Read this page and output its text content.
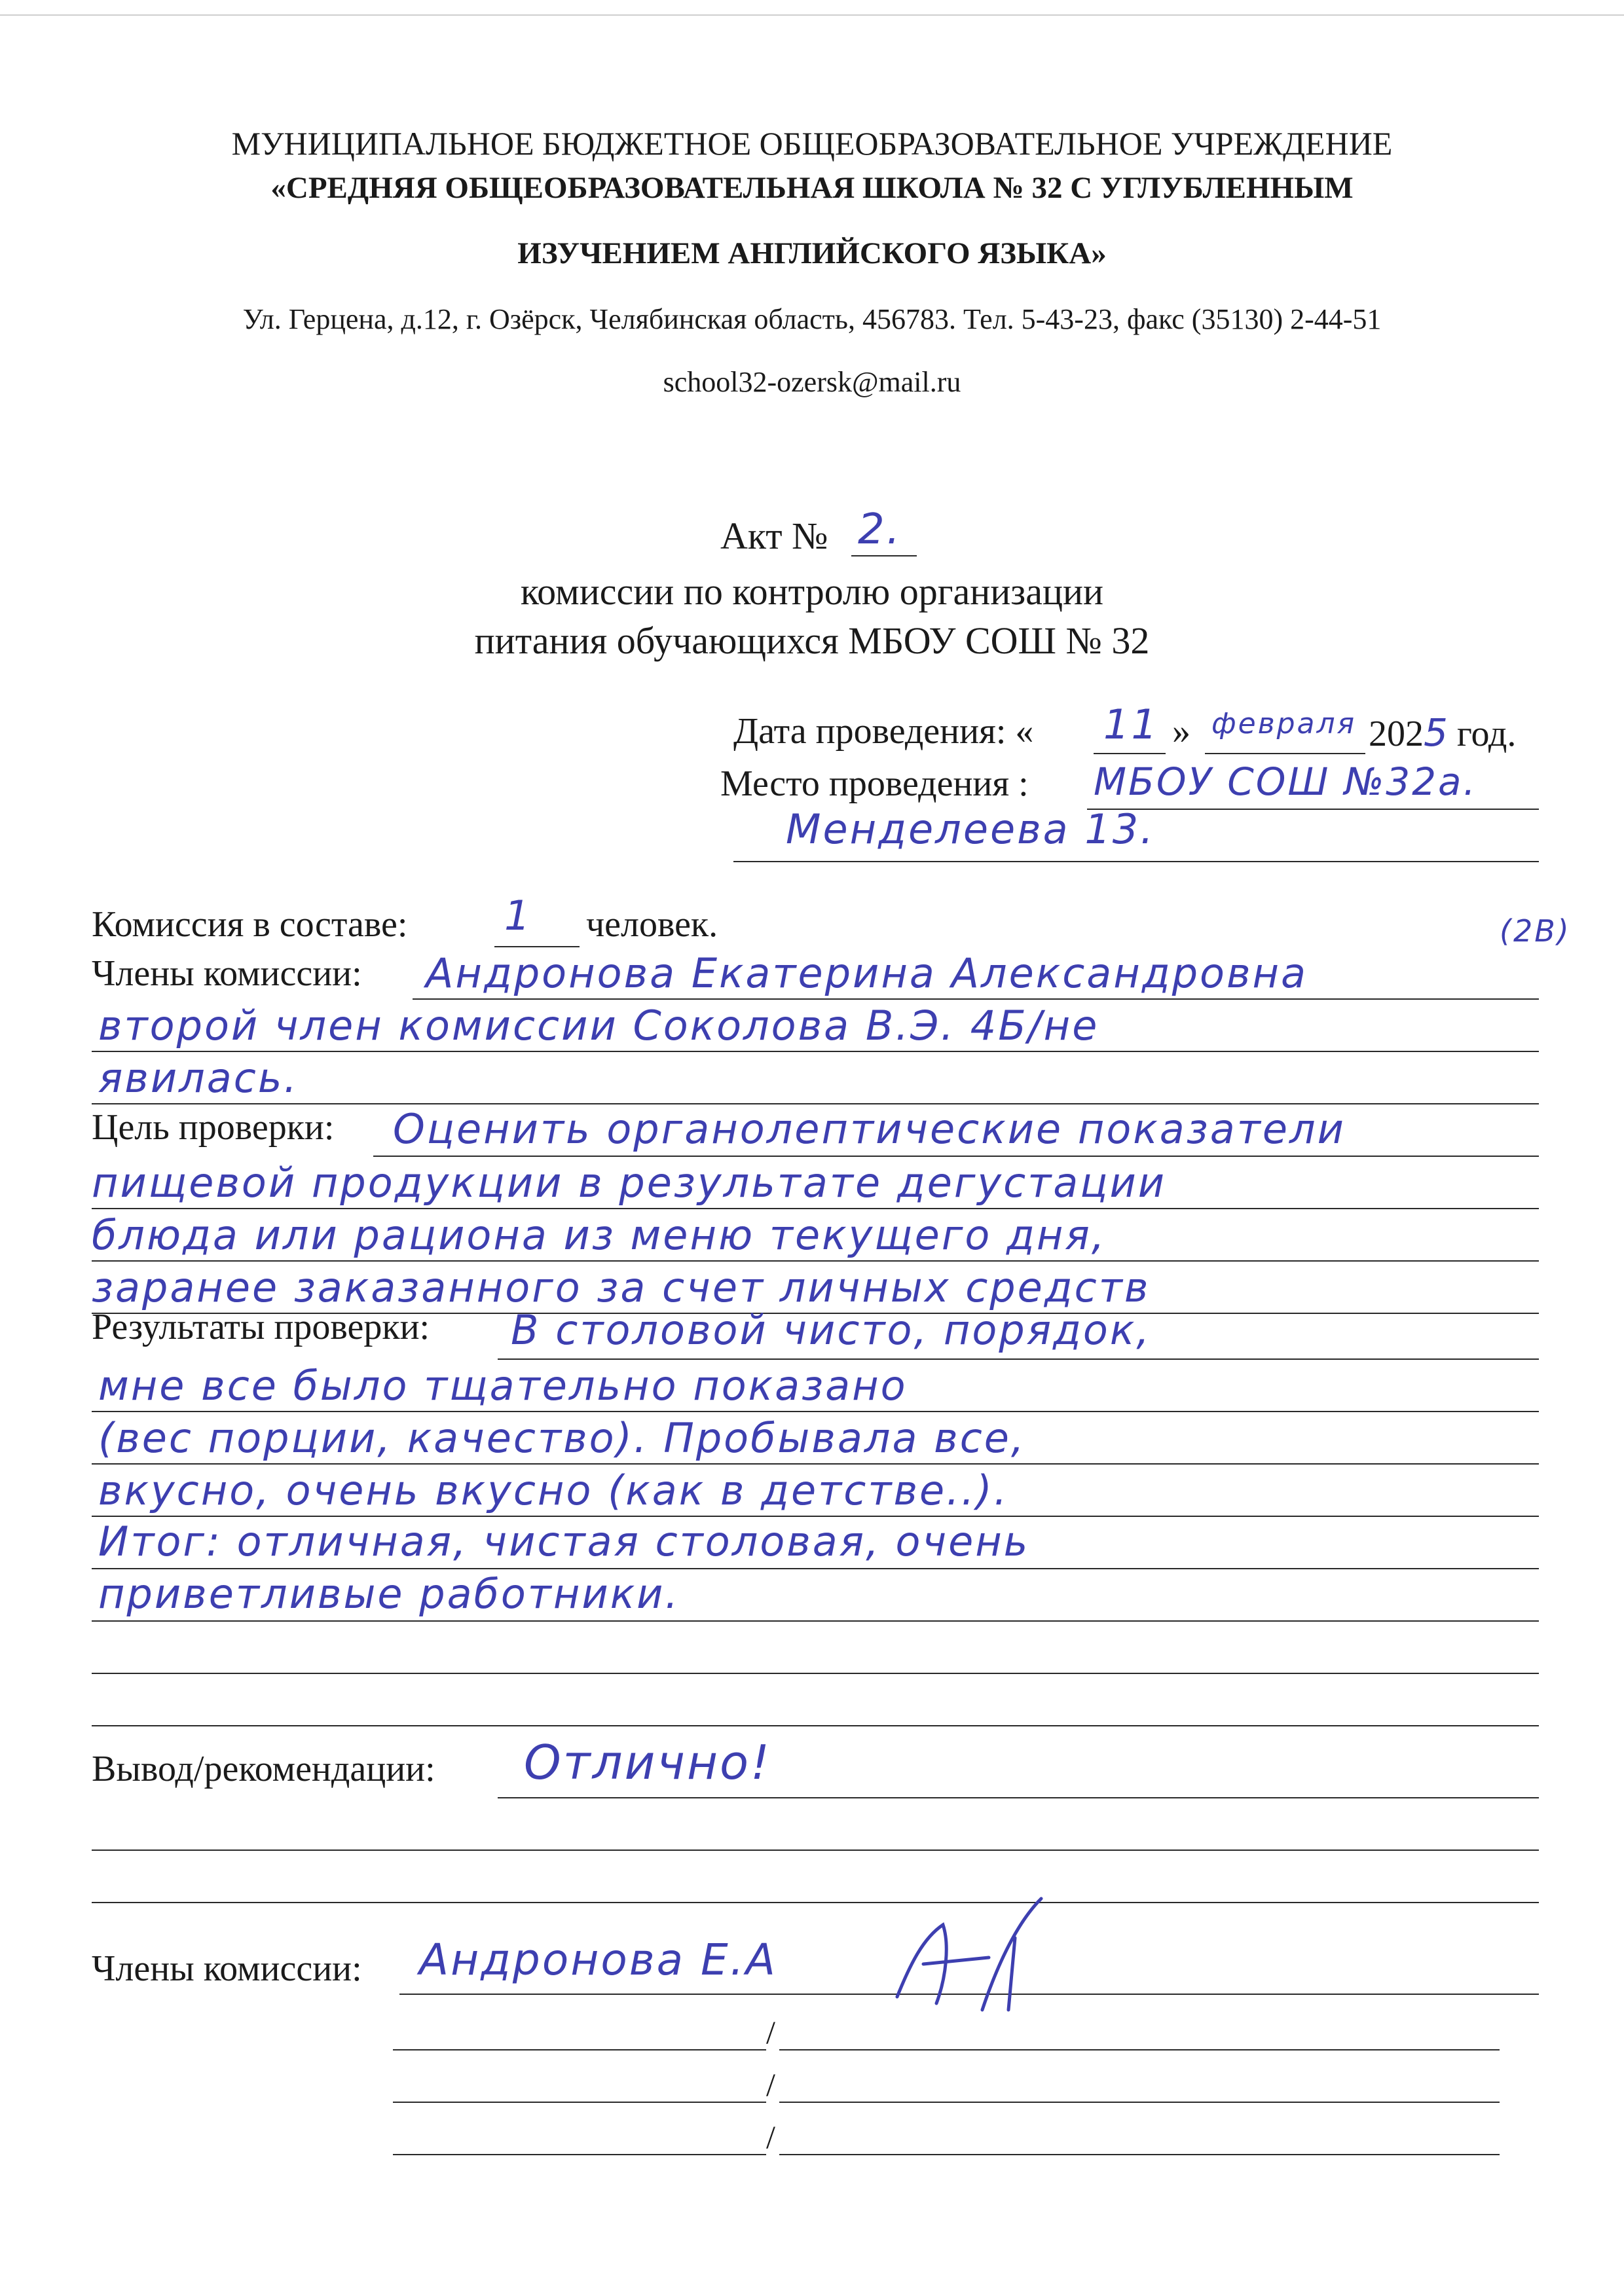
МУНИЦИПАЛЬНОЕ БЮДЖЕТНОЕ ОБЩЕОБРАЗОВАТЕЛЬНОЕ УЧРЕЖДЕНИЕ
«СРЕДНЯЯ ОБЩЕОБРАЗОВАТЕЛЬНАЯ ШКОЛА № 32 С УГЛУБЛЕННЫМ
ИЗУЧЕНИЕМ АНГЛИЙСКОГО ЯЗЫКА»
Ул. Герцена, д.12, г. Озёрск, Челябинская область, 456783. Тел. 5-43-23, факс (35130) 2-44-51
school32-ozersk@mail.ru
Акт № 2.
комиссии по контролю организации
питания обучающихся МБОУ СОШ № 32
Дата проведения: « 11 » февраля 2025 год.
Место проведения : МБОУ СОШ №32а.
Менделеева 13.
Комиссия в составе: 1 человек.
Члены комиссии:
(2В)
Андронова Екатерина Александровна
второй член комиссии Соколова В.Э. 4Б/не
явилась.
Цель проверки: Оценить органолептические показатели
пищевой продукции в результате дегустации
блюда или рациона из меню текущего дня,
заранее заказанного за счет личных средств
Результаты проверки: В столовой чисто, порядок,
мне все было тщательно показано
(вес порции, качество). Пробывала все,
вкусно, очень вкусно (как в детстве..).
Итог: отличная, чистая столовая, очень
приветливые работники.
Вывод/рекомендации: Отлично!
Члены комиссии: Андронова Е.А
/
/
/
